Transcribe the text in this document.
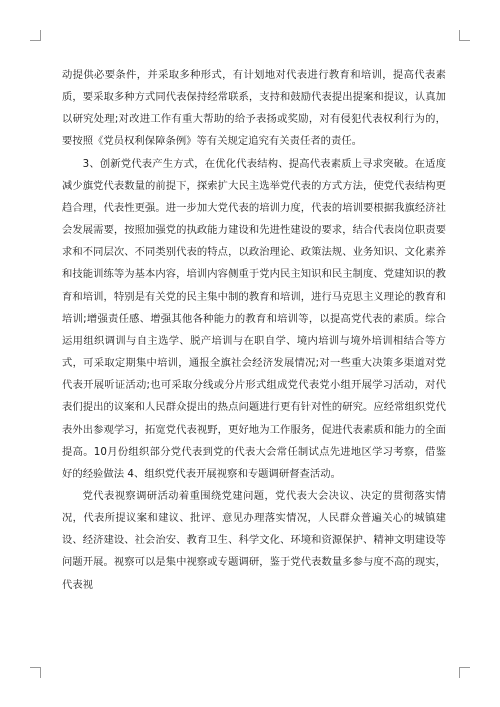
动提供必要条件，并采取多种形式，有计划地对代表进行教育和培训，提高代表素质，要采取多种方式同代表保持经常联系，支持和鼓励代表提出提案和提议，认真加以研究处理;对改进工作有重大帮助的给予表扬或奖励，对有侵犯代表权利行为的，要按照《党员权利保障条例》等有关规定追究有关责任者的责任。

3、创新党代表产生方式，在优化代表结构、提高代表素质上寻求突破。在适度减少旗党代表数量的前提下，探索扩大民主选举党代表的方式方法，使党代表结构更趋合理，代表性更强。进一步加大党代表的培训力度，代表的培训要根据我旗经济社会发展需要，按照加强党的执政能力建设和先进性建设的要求，结合代表岗位职责要求和不同层次、不同类别代表的特点，以政治理论、政策法规、业务知识、文化素养和技能训练等为基本内容，培训内容侧重于党内民主知识和民主制度、党建知识的教育和培训，特别是有关党的民主集中制的教育和培训，进行马克思主义理论的教育和培训;增强责任感、增强其他各种能力的教育和培训等，以提高党代表的素质。综合运用组织调训与自主选学、脱产培训与在职自学、境内培训与境外培训相结合等方式，可采取定期集中培训，通报全旗社会经济发展情况;对一些重大决策多渠道对党代表开展听证活动;也可采取分线或分片形式组成党代表党小组开展学习活动，对代表们提出的议案和人民群众提出的热点问题进行更有针对性的研究。应经常组织党代表外出参观学习，拓宽党代表视野，更好地为工作服务，促进代表素质和能力的全面提高。10月份组织部分党代表到党的代表大会常任制试点先进地区学习考察，借鉴好的经验做法 4、组织党代表开展视察和专题调研督查活动。

党代表视察调研活动着重围绕党建问题，党代表大会决议、决定的贯彻落实情况，代表所提议案和建议、批评、意见办理落实情况，人民群众普遍关心的城镇建设、经济建设、社会治安、教育卫生、科学文化、环境和资源保护、精神文明建设等问题开展。视察可以是集中视察或专题调研，鉴于党代表数量多参与度不高的现实，代表视
